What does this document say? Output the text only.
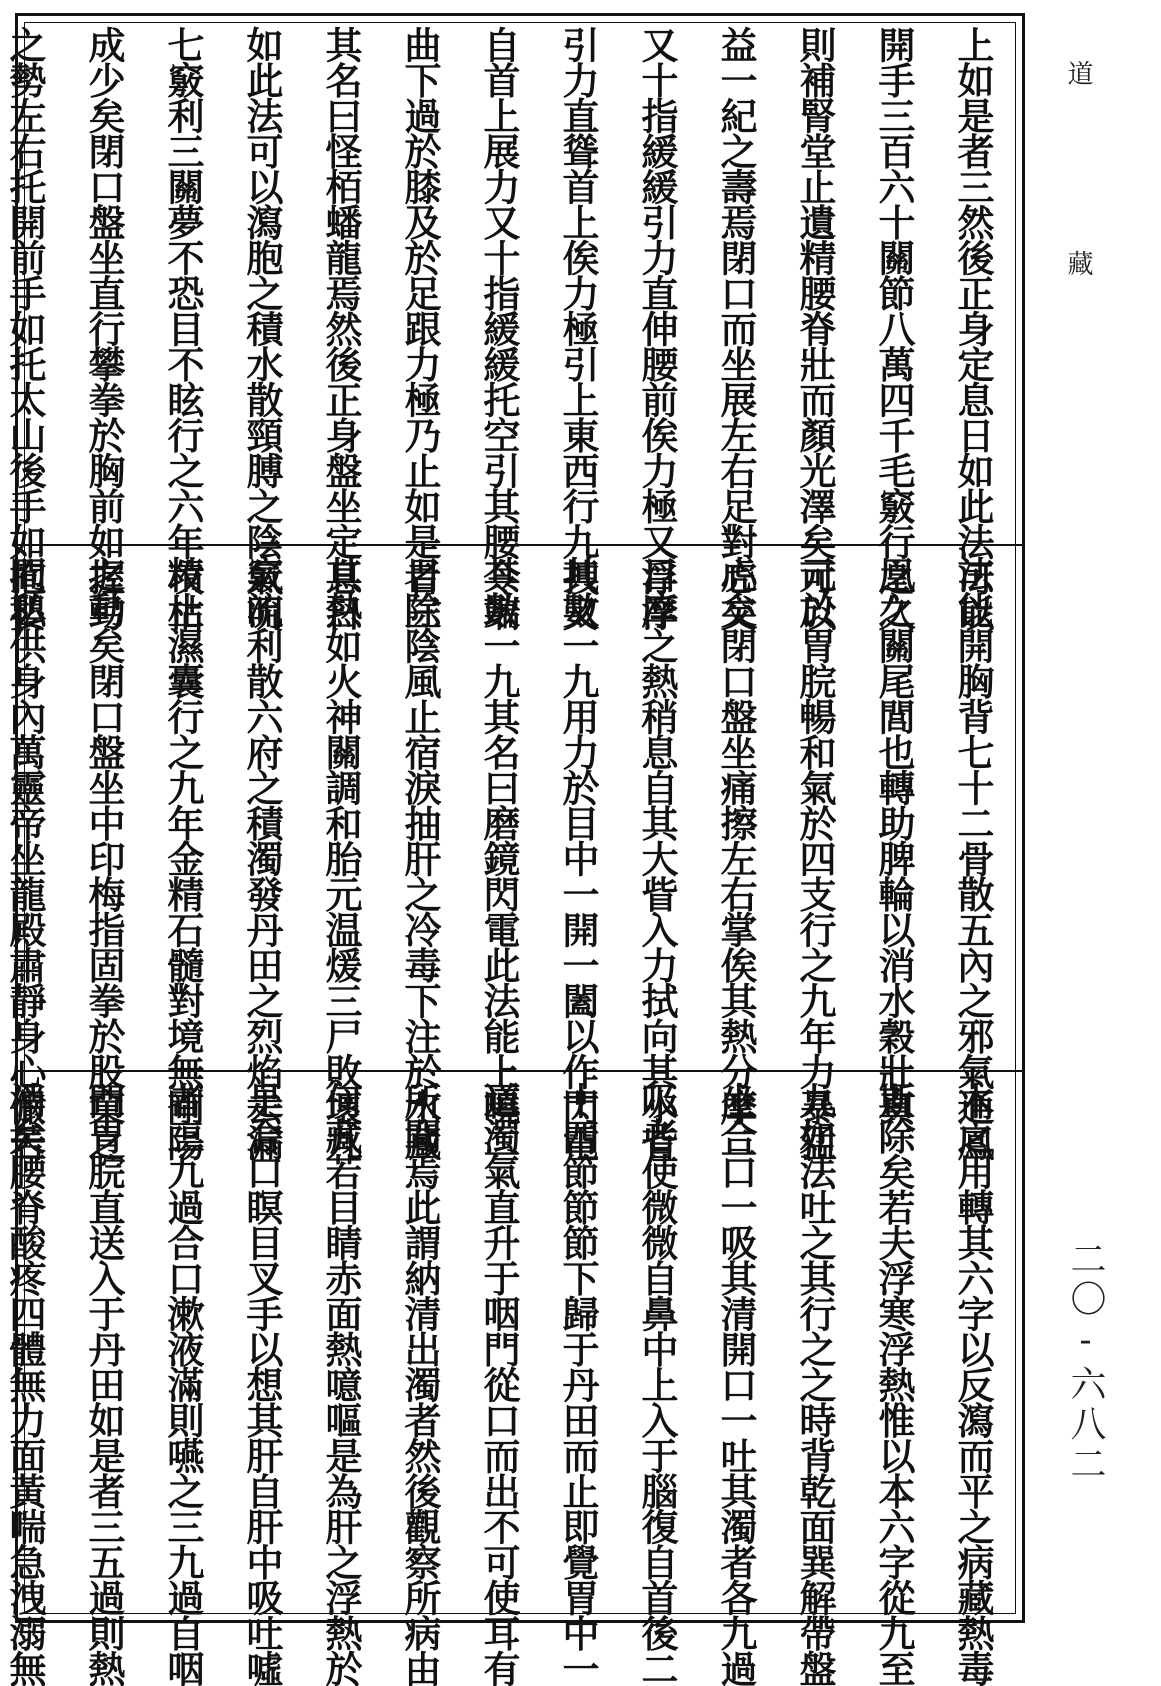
上如是者三然後正身定息日如此法可以
開手三百六十關節八萬四千毛竅行之久
則補腎堂止遺精腰脊壯而顏光澤矣可以
益一紀之壽焉閉口而坐展左右足對心交
又十指緩緩引力直伸腰前俟力極又浮浮
引力直聳首上俟力極引上東西行九拽又
自首上展力又十指緩緩托空引其腰令端
曲下過於膝及於足跟力極乃止如是者三
其名曰怪栢蟠龍焉然後正身盤坐定息日
如此法可以瀉胞之積水散頸膊之陰氣明
七竅利三關夢不恐目不眩行之六年攻枯
成少矣閉口盤坐直行攀拳於胸前如握弓
之勢左右托開前手如托太山後手如抱嬰
法能開胸背七十二骨散五內之邪氣通鳳
凰之關尾閭也轉助脾輪以消水穀壯真
元於胃脘暢和氣於四支行之九年力暴猛
虎矣閉口盤坐痛擦左右掌俟其熱分摩二
目摩之熱稍息自其大眥入力拭向其小眥
其數一九用力於目中一開一闔以作閃電
其數一九其名曰磨鏡閃電此法能上曉二
目除陰風止宿淚抽肝之冷毒下注於水藏
其熱如火神關調和胎元温煖三尸敗壞九
竅流利散六府之積濁發丹田之烈焰去漏
精止濕囊行之九年金精石髓對境無剛陽
之動矣閉口盤坐中印梅指固拳於股窠之
間私供身內萬靈帝坐龍殿肅靜身心儼若
木之用轉其六字以反瀉而平之病藏熱毒
斯除矣若夫浮寒浮熱惟以本六字從九至
九如法吐之其行之之時背乾面巽解帶盤
坐合口一吸其清開口一吐其濁者各九過
吸者使微微自鼻中上入于腦復自首後二
十四節節節下歸于丹田而止即覺胃中一
道濁氣直升于咽門從口而出不可使耳有
所聞焉此謂納清出濁者然後觀察所病由
何藏若目睛赤面熱噫嘔是為肝之浮熱於
是合口瞑目叉手以想其肝自肝中吸吐噓
者三九過合口漱液滿則嚥之三九過自咽
門胃脘直送入于丹田如是者三五過則熱
消矣腰脊酸疼四體無力面黃喘急洩溺無
道
藏
二〇-六八二
